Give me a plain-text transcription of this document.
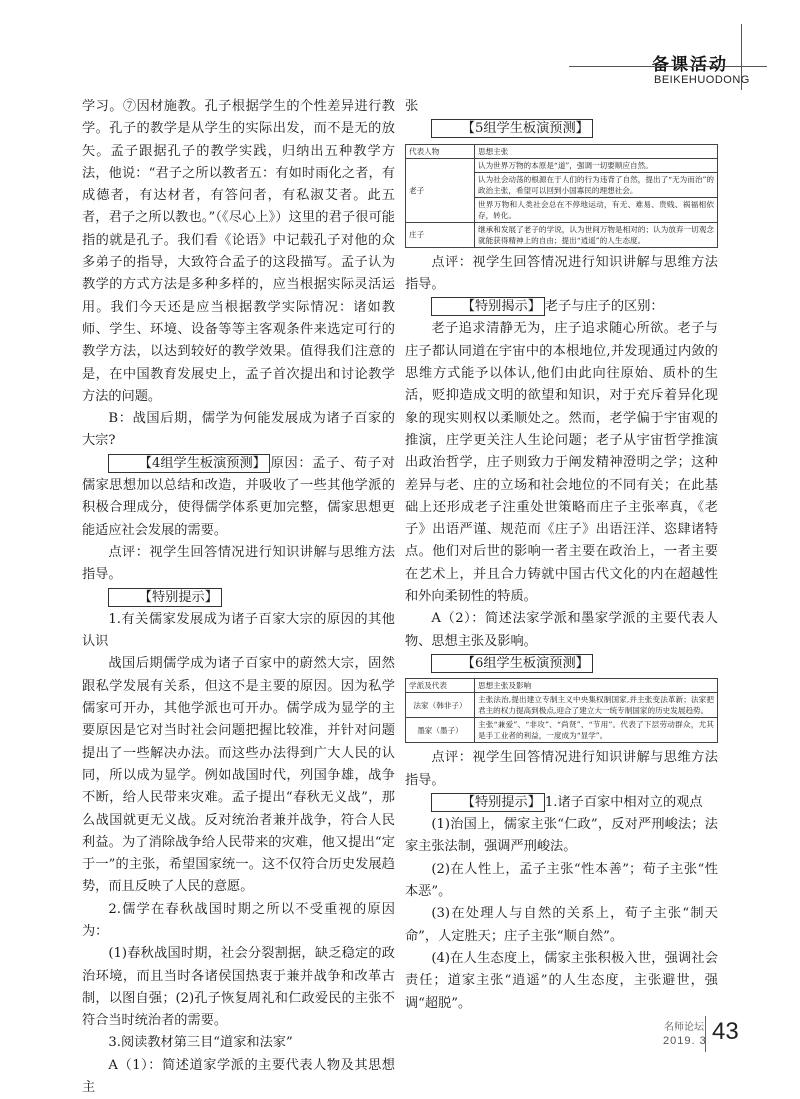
备课活动
BEIKEHUODONG

学习。⑦因材施教。孔子根据学生的个性差异进行教学。孔子的教学是从学生的实际出发，而不是无的放矢。孟子跟据孔子的教学实践，归纳出五种教学方法，他说：“君子之所以教者五：有如时雨化之者，有成德者，有达材者，有答问者，有私淑艾者。此五者，君子之所以教也。”（《尽心上》）这里的君子很可能指的就是孔子。我们看《论语》中记载孔子对他的众多弟子的指导，大致符合孟子的这段描写。孟子认为教学的方式方法是多种多样的，应当根据实际灵活运用。我们今天还是应当根据教学实际情况：诸如教师、学生、环境、设备等等主客观条件来选定可行的教学方法，以达到较好的教学效果。值得我们注意的是，在中国教育发展史上，孟子首次提出和讨论教学方法的问题。

B：战国后期，儒学为何能发展成为诸子百家的大宗?

【4组学生板演预测】 原因：孟子、荀子对儒家思想加以总结和改造，并吸收了一些其他学派的积极合理成分，使得儒学体系更加完整，儒家思想更能适应社会发展的需要。

点评：视学生回答情况进行知识讲解与思维方法指导。

【特别提示】

1.有关儒家发展成为诸子百家大宗的原因的其他认识

战国后期儒学成为诸子百家中的蔚然大宗，固然跟私学发展有关系，但这不是主要的原因。因为私学儒家可开办，其他学派也可开办。儒学成为显学的主要原因是它对当时社会问题把握比较准，并针对问题提出了一些解决办法。而这些办法得到广大人民的认同，所以成为显学。例如战国时代，列国争雄，战争不断，给人民带来灾难。孟子提出“春秋无义战”，那么战国就更无义战。反对统治者兼并战争，符合人民利益。为了消除战争给人民带来的灾难，他又提出“定于一”的主张，希望国家统一。这不仅符合历史发展趋势，而且反映了人民的意愿。

2.儒学在春秋战国时期之所以不受重视的原因为：

(1)春秋战国时期，社会分裂割据，缺乏稳定的政治环境，而且当时各诸侯国热衷于兼并战争和改革古制，以图自强；(2)孔子恢复周礼和仁政爱民的主张不符合当时统治者的需要。

3.阅读教材第三目“道家和法家”

A（1）：简述道家学派的主要代表人物及其思想主

张

【5组学生板演预测】

代表人物	思想主张
老子	认为世界万物的本原是“道”，强调一切要顺应自然。
	认为社会动荡的根源在于人们的行为违背了自然，提出了“无为而治”的政治主张，希望可以回到小国寡民的理想社会。
	世界万物和人类社会总在不停地运动，有无、难易、贵贱、祸福相依存，转化。
庄子	继承和发展了老子的学说，认为世间万物是相对的；认为放弃一切观念就能获得精神上的自由；提出“逍遥”的人生态度。

点评：视学生回答情况进行知识讲解与思维方法指导。

【特别揭示】 老子与庄子的区别：

老子追求清静无为，庄子追求随心所欲。老子与庄子都认同道在宇宙中的本根地位,并发现通过内敛的思维方式能予以体认,他们由此向往原始、质朴的生活，贬抑造成文明的欲望和知识，对于充斥着异化现象的现实则权以柔顺处之。然而，老学偏于宇宙观的推演，庄学更关注人生论问题；老子从宇宙哲学推演出政治哲学，庄子则致力于阐发精神澄明之学；这种差异与老、庄的立场和社会地位的不同有关；在此基础上还形成老子注重处世策略而庄子主张率真，《老子》出语严谨、规范而《庄子》出语汪洋、恣肆诸特点。他们对后世的影响一者主要在政治上，一者主要在艺术上，并且合力铸就中国古代文化的内在超越性和外向柔韧性的特质。

A（2）：简述法家学派和墨家学派的主要代表人物、思想主张及影响。

【6组学生板演预测】

学派及代表	思想主张及影响
法家（韩非子）	主张法治,提出建立专制主义中央集权制国家,并主张变法革新；法家把君主的权力提高到极点,迎合了建立大一统专制国家的历史发展趋势。
墨家（墨子）	主张“兼爱”、“非攻”、“尚贤”、“节用”。代表了下层劳动群众，尤其是手工业者的利益，一度成为“显学”。

点评：视学生回答情况进行知识讲解与思维方法指导。

【特别提示】 1.诸子百家中相对立的观点

(1)治国上，儒家主张“仁政”，反对严刑峻法；法家主张法制，强调严刑峻法。

(2)在人性上，孟子主张“性本善”；荀子主张“性本恶”。

(3)在处理人与自然的关系上，荀子主张“制天命”，人定胜天；庄子主张“顺自然”。

(4)在人生态度上，儒家主张积极入世，强调社会责任；道家主张“逍遥”的人生态度，主张避世，强调“超脱”。

名师论坛
2019. 3 43
